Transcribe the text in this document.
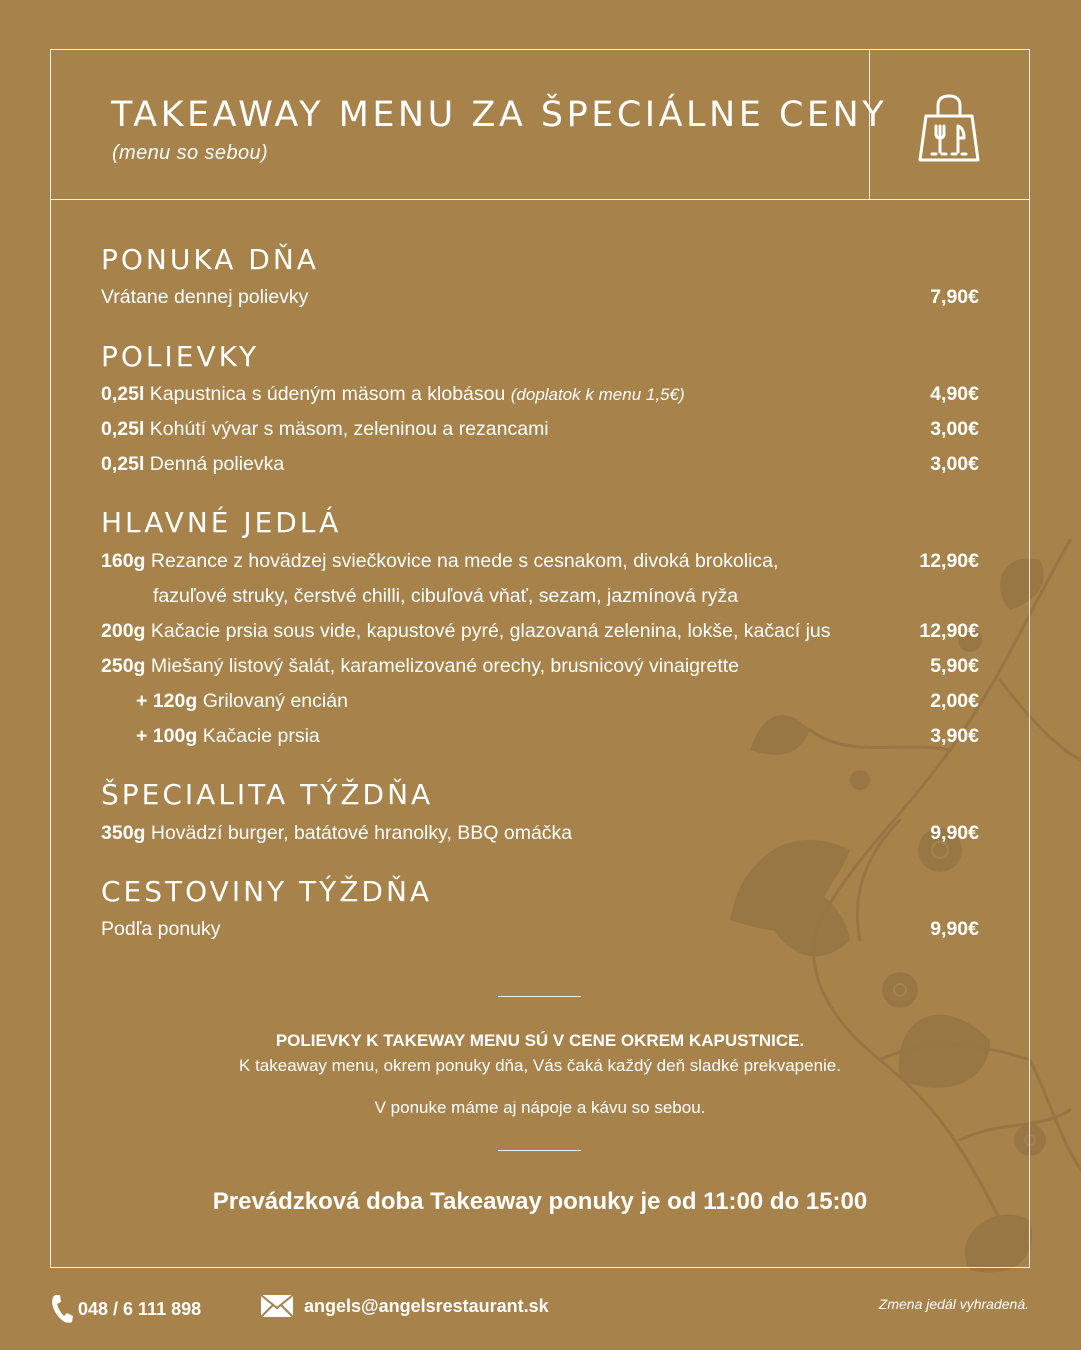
TAKEAWAY MENU ZA ŠPECIÁLNE CENY
(menu so sebou)
PONUKA DŇA
Vrátane dennej polievky	7,90€
POLIEVKY
0,25l Kapustnica s údeným mäsom a klobásou (doplatok k menu 1,5€)	4,90€
0,25l Kohútí vývar s mäsom, zeleninou a rezancami	3,00€
0,25l Denná polievka	3,00€
HLAVNÉ JEDLÁ
160g Rezance z hovädzej sviečkovice na mede s cesnakom, divoká brokolica,	12,90€
fazuľové struky, čerstvé chilli, cibuľová vňať, sezam, jazmínová ryža
200g Kačacie prsia sous vide, kapustové pyré, glazovaná zelenina, lokše, kačací jus	12,90€
250g Miešaný listový šalát, karamelizované orechy, brusnicový vinaigrette	5,90€
+ 120g Grilovaný encián	2,00€
+ 100g Kačacie prsia	3,90€
ŠPECIALITA TÝŽDŇA
350g Hovädzí burger, batátové hranolky, BBQ omáčka	9,90€
CESTOVINY TÝŽDŇA
Podľa ponuky	9,90€
POLIEVKY K TAKEWAY MENU SÚ V CENE OKREM KAPUSTNICE.
K takeaway menu, okrem ponuky dňa, Vás čaká každý deň sladké prekvapenie.
V ponuke máme aj nápoje a kávu so sebou.
Prevádzková doba Takeaway ponuky je od 11:00 do 15:00
048 / 6 111 898	angels@angelsrestaurant.sk	Zmena jedál vyhradená.
